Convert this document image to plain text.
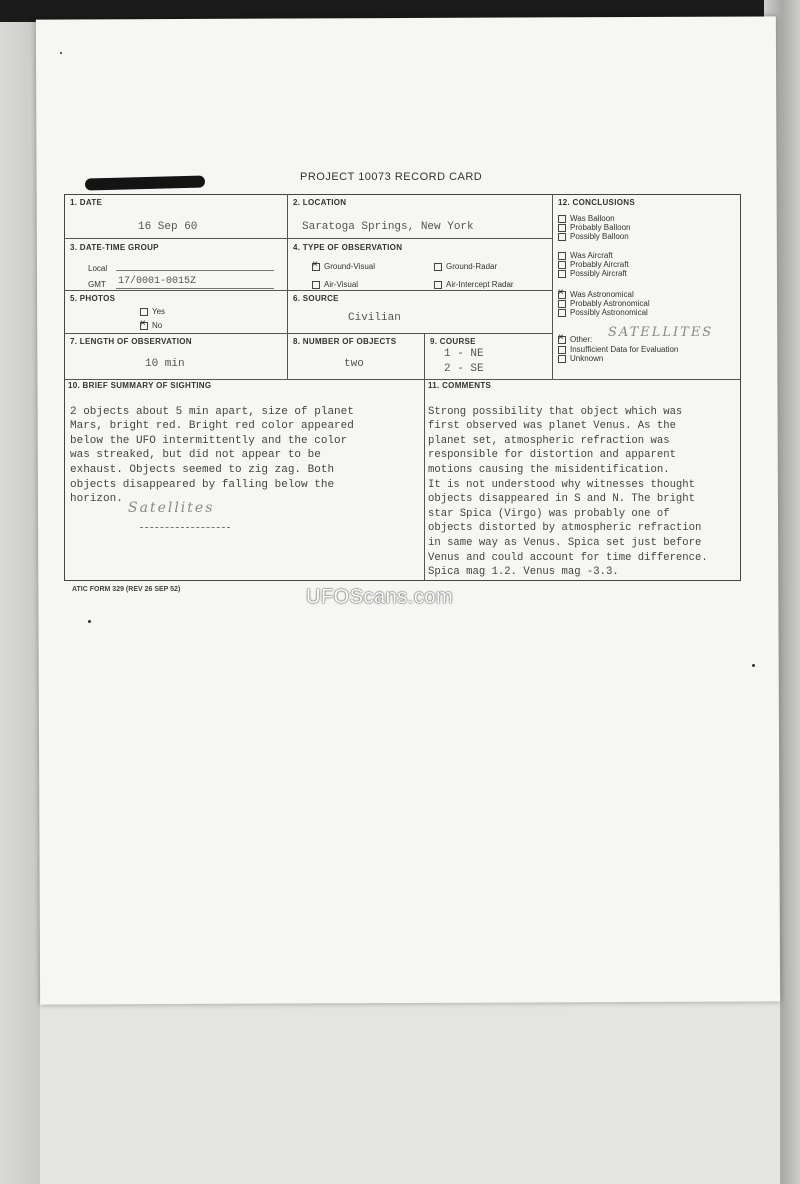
PROJECT 10073 RECORD CARD
1. DATE
16 Sep 60
2. LOCATION
Saratoga Springs, New York
3. DATE-TIME GROUP
Local
GMT 17/0001-0015Z
4. TYPE OF OBSERVATION
×Ground-Visual	Ground-Radar
Air-Visual	Air-Intercept Radar
5. PHOTOS
Yes
×No
6. SOURCE
Civilian
7. LENGTH OF OBSERVATION
10 min
8. NUMBER OF OBJECTS
two
9. COURSE
1 - NE
2 - SE
12. CONCLUSIONS
Was Balloon
Probably Balloon
Possibly Balloon
Was Aircraft
Probably Aircraft
Possibly Aircraft
×Was Astronomical
Probably Astronomical
Possibly Astronomical
×Other:
Insufficient Data for Evaluation
Unknown
SATELLITES
10. BRIEF SUMMARY OF SIGHTING

2 objects about 5 min apart, size of planet
Mars, bright red. Bright red color appeared
below the UFO intermittently and the color
was streaked, but did not appear to be
exhaust. Objects seemed to zig zag. Both
objects disappeared by falling below the
horizon.

Satellites
11. COMMENTS

Strong possibility that object which was
first observed was planet Venus. As the
planet set, atmospheric refraction was
responsible for distortion and apparent
motions causing the misidentification.
It is not understood why witnesses thought
objects disappeared in S and N. The bright
star Spica (Virgo) was probably one of
objects distorted by atmospheric refraction
in same way as Venus. Spica set just before
Venus and could account for time difference.
Spica mag 1.2. Venus mag -3.3.

ATIC FORM 329 (REV 26 SEP 52)	UFOScans.com
